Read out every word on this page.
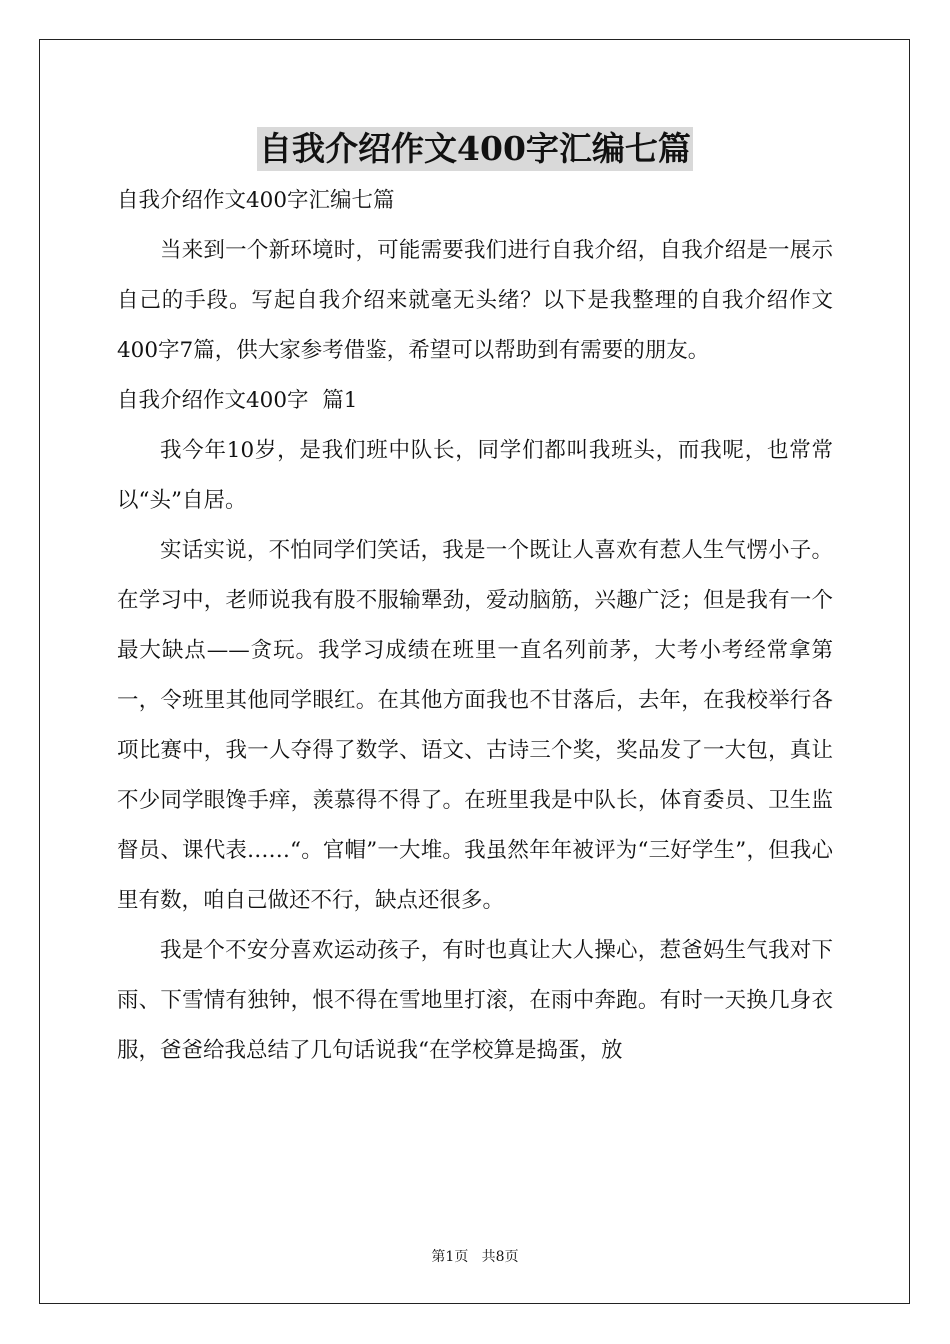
自我介绍作文400字汇编七篇

自我介绍作文400字汇编七篇

当来到一个新环境时，可能需要我们进行自我介绍，自我介绍是一展示自己的手段。写起自我介绍来就毫无头绪？以下是我整理的自我介绍作文400字7篇，供大家参考借鉴，希望可以帮助到有需要的朋友。

自我介绍作文400字  篇1

我今年10岁，是我们班中队长，同学们都叫我班头，而我呢，也常常以“头”自居。

实话实说，不怕同学们笑话，我是一个既让人喜欢有惹人生气愣小子。在学习中，老师说我有股不服输犟劲，爱动脑筋，兴趣广泛；但是我有一个最大缺点——贪玩。我学习成绩在班里一直名列前茅，大考小考经常拿第一，令班里其他同学眼红。在其他方面我也不甘落后，去年，在我校举行各项比赛中，我一人夺得了数学、语文、古诗三个奖，奖品发了一大包，真让不少同学眼馋手痒，羡慕得不得了。在班里我是中队长，体育委员、卫生监督员、课代表……“。官帽”一大堆。我虽然年年被评为“三好学生”，但我心里有数，咱自己做还不行，缺点还很多。

我是个不安分喜欢运动孩子，有时也真让大人操心，惹爸妈生气我对下雨、下雪情有独钟，恨不得在雪地里打滚，在雨中奔跑。有时一天换几身衣服，爸爸给我总结了几句话说我“在学校算是捣蛋，放

第1页   共8页
